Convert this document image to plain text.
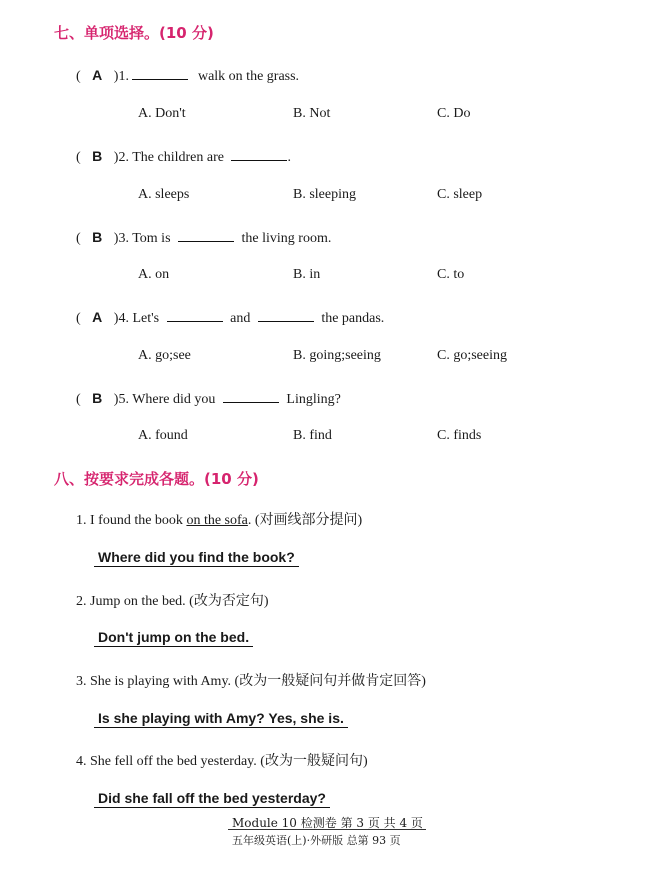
七、单项选择。(10 分)
( A )1.	walk on the grass.
A. Don't	B. Not	C. Do
( B )2. The children are	.
A. sleeps	B. sleeping	C. sleep
( B )3. Tom is	the living room.
A. on	B. in	C. to
( A )4. Let's	and	the pandas.
A. go;see	B. going;seeing	C. go;seeing
( B )5. Where did you	Lingling?
A. found	B. find	C. finds
八、按要求完成各题。(10 分)
1. I found the book on the sofa. (对画线部分提问)
Where did you find the book?
2. Jump on the bed. (改为否定句)
Don't jump on the bed.
3. She is playing with Amy. (改为一般疑问句并做肯定回答)
Is she playing with Amy? Yes, she is.
4. She fell off the bed yesterday. (改为一般疑问句)
Did she fall off the bed yesterday?
Module 10 检测卷 第 3 页 共 4 页
五年级英语(上)·外研版 总第 93 页
